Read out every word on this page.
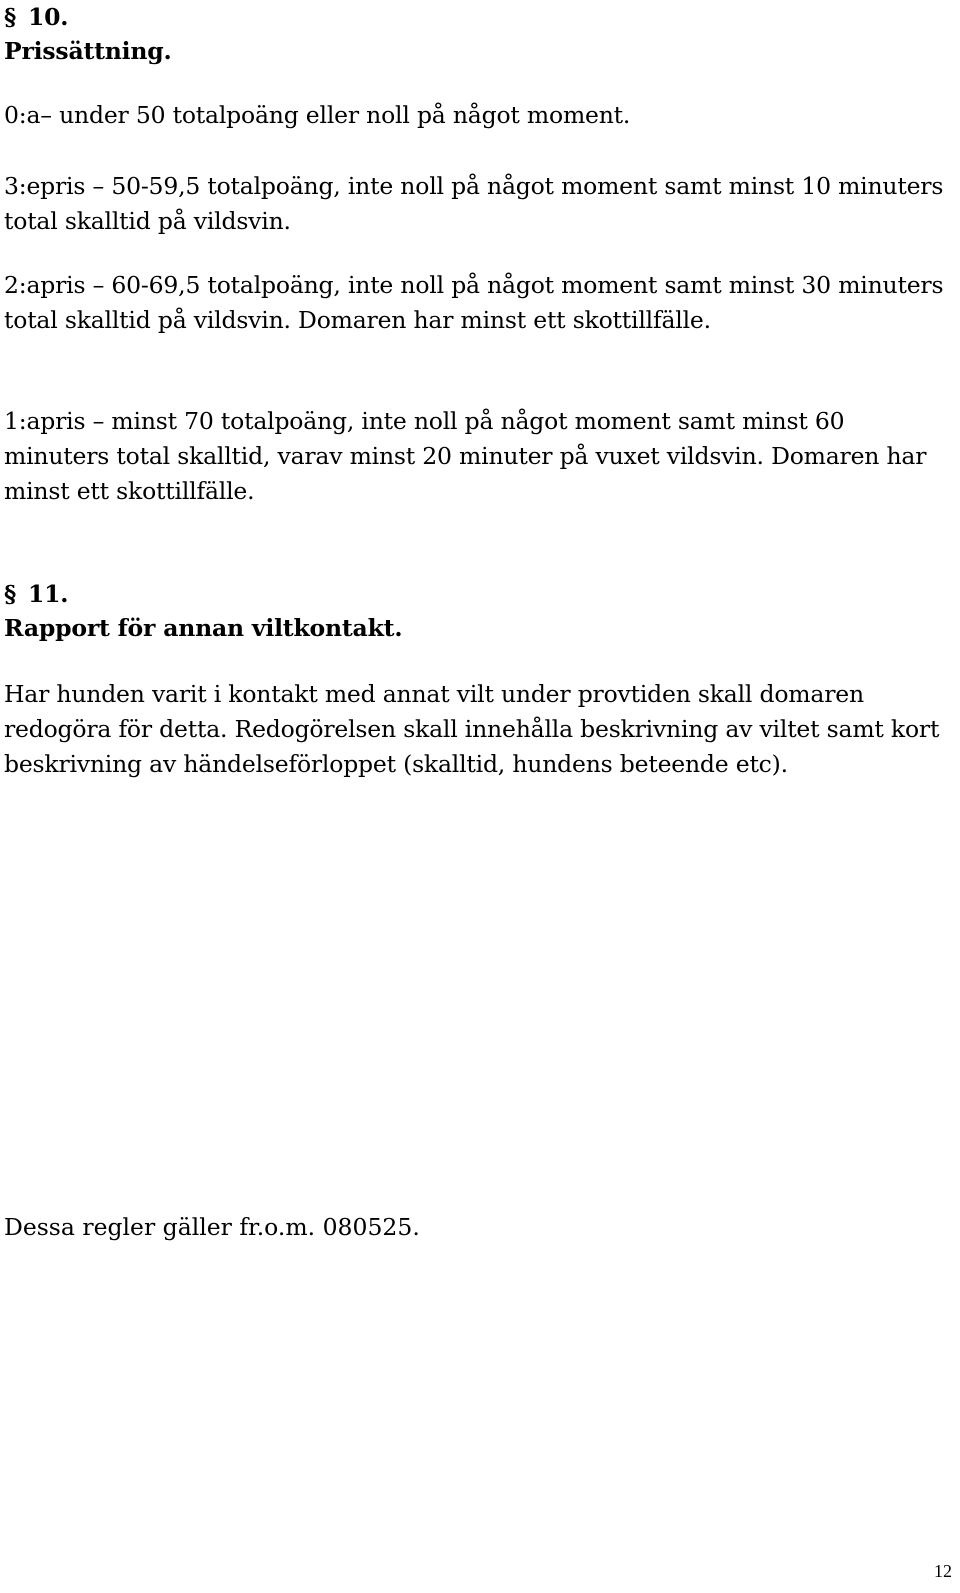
§ 10.
Prissättning.
0:a– under 50 totalpoäng eller noll på något moment.
3:epris – 50-59,5 totalpoäng, inte noll på något moment samt minst 10 minuters total skalltid på vildsvin.
2:apris – 60-69,5 totalpoäng, inte noll på något moment samt minst 30 minuters total skalltid på vildsvin. Domaren har minst ett skottillfälle.
1:apris – minst 70 totalpoäng, inte noll på något moment samt minst 60 minuters total skalltid, varav minst 20 minuter på vuxet vildsvin. Domaren har minst ett skottillfälle.
§ 11.
Rapport för annan viltkontakt.
Har hunden varit i kontakt med annat vilt under provtiden skall domaren redogöra för detta. Redogörelsen skall innehålla beskrivning av viltet samt kort beskrivning av händelseförloppet (skalltid, hundens beteende etc).
Dessa regler gäller fr.o.m. 080525.
12
